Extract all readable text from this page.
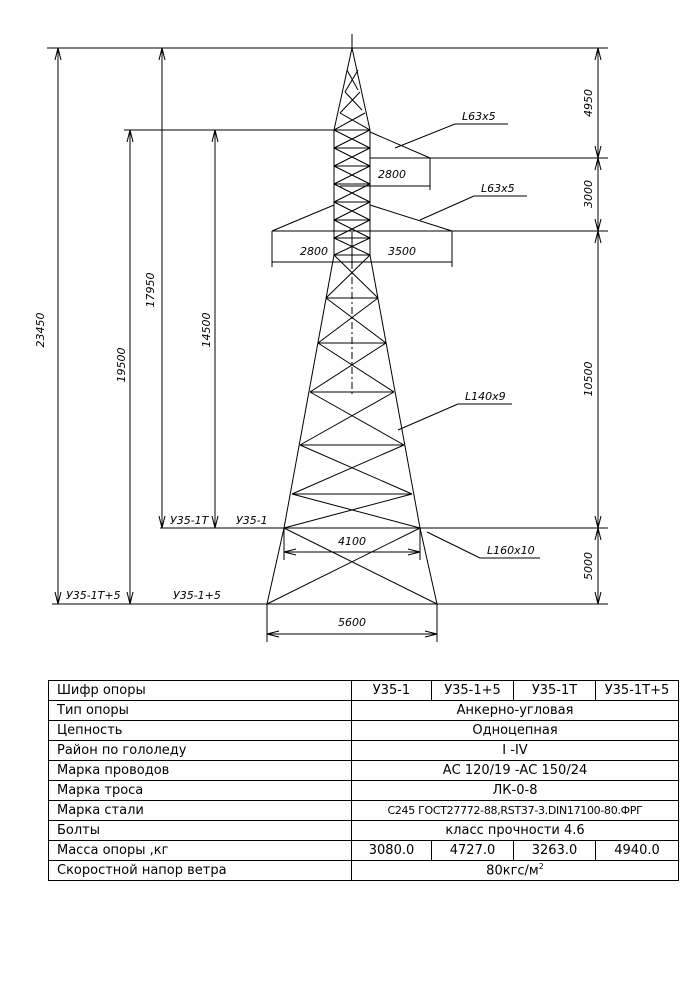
23450
19500
17950
14500
4950
3000
10500
5000
2800
2800	3500
4100
5600
L63x5
L63x5
L140x9
L160x10
У35-1Т	У35-1
У35-1Т+5	У35-1+5
Шифр опоры	У35-1	У35-1+5	У35-1Т	У35-1Т+5
Тип опоры	Анкерно-угловая			
Цепность	Одноцепная			
Район по гололеду	I -IV			
Марка проводов	АС 120/19 -АС 150/24			
Марка троса	ЛК-0-8			
Марка стали	С245 ГОСТ27772-88,RST37-3.DIN17100-80.ФРГ			
Болты	класс прочности 4.6			
Масса опоры ,кг	3080.0	4727.0	3263.0	4940.0
Скоростной напор ветра	$80кгс/м^2$
